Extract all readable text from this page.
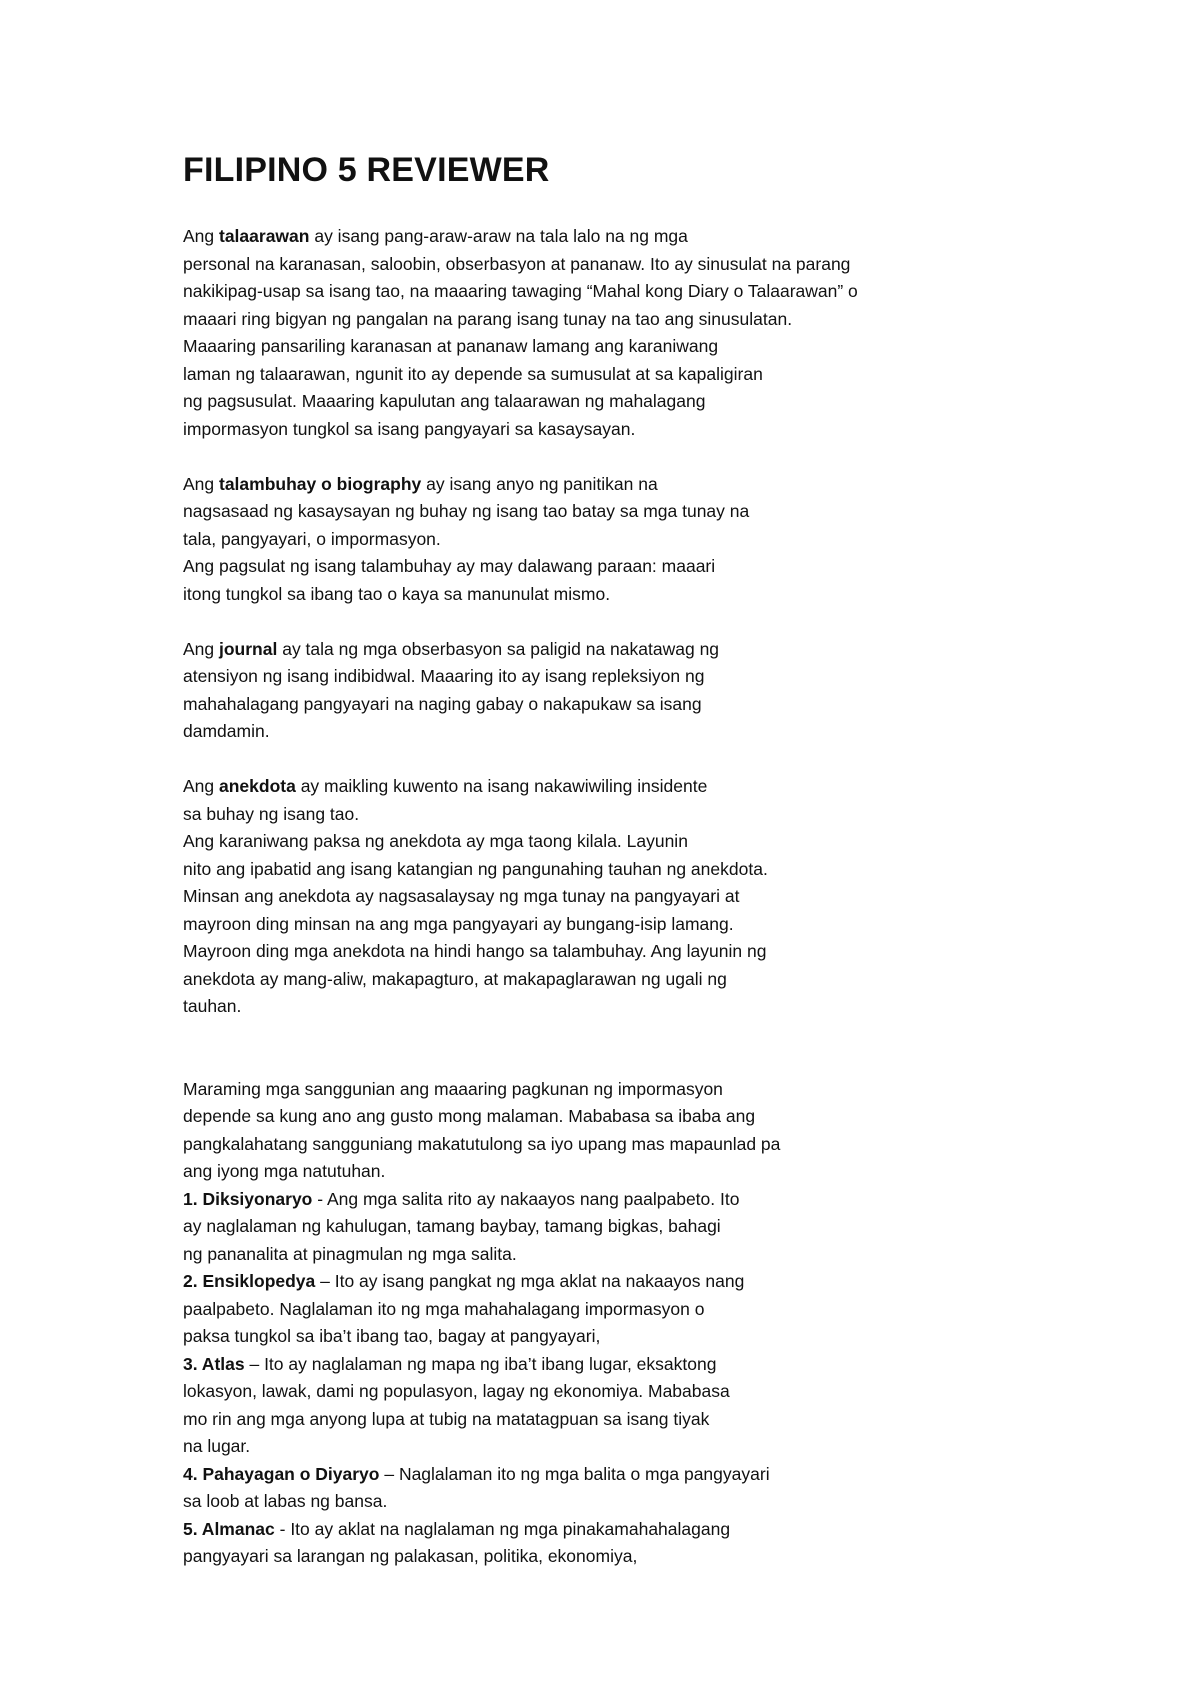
FILIPINO 5 REVIEWER
Ang talaarawan ay isang pang-araw-araw na tala lalo na ng mga
personal na karanasan, saloobin, obserbasyon at pananaw. Ito ay sinusulat na parang
nakikipag-usap sa isang tao, na maaaring tawaging “Mahal kong Diary o Talaarawan” o
maaari ring bigyan ng pangalan na parang isang tunay na tao ang sinusulatan.
Maaaring pansariling karanasan at pananaw lamang ang karaniwang
laman ng talaarawan, ngunit ito ay depende sa sumusulat at sa kapaligiran
ng pagsusulat. Maaaring kapulutan ang talaarawan ng mahalagang
impormasyon tungkol sa isang pangyayari sa kasaysayan.
Ang talambuhay o biography ay isang anyo ng panitikan na
nagsasaad ng kasaysayan ng buhay ng isang tao batay sa mga tunay na
tala, pangyayari, o impormasyon.
Ang pagsulat ng isang talambuhay ay may dalawang paraan: maaari
itong tungkol sa ibang tao o kaya sa manunulat mismo.
Ang journal ay tala ng mga obserbasyon sa paligid na nakatawag ng
atensiyon ng isang indibidwal. Maaaring ito ay isang repleksiyon ng
mahahalagang pangyayari na naging gabay o nakapukaw sa isang
damdamin.
Ang anekdota ay maikling kuwento na isang nakawiwiling insidente
sa buhay ng isang tao.
Ang karaniwang paksa ng anekdota ay mga taong kilala. Layunin
nito ang ipabatid ang isang katangian ng pangunahing tauhan ng anekdota.
Minsan ang anekdota ay nagsasalaysay ng mga tunay na pangyayari at
mayroon ding minsan na ang mga pangyayari ay bungang-isip lamang.
Mayroon ding mga anekdota na hindi hango sa talambuhay. Ang layunin ng
anekdota ay mang-aliw, makapagturo, at makapaglarawan ng ugali ng
tauhan.
Maraming mga sanggunian ang maaaring pagkunan ng impormasyon
depende sa kung ano ang gusto mong malaman. Mababasa sa ibaba ang
pangkalahatang sangguniang makatutulong sa iyo upang mas mapaunlad pa
ang iyong mga natutuhan.
1. Diksiyonaryo - Ang mga salita rito ay nakaayos nang paalpabeto. Ito
ay naglalaman ng kahulugan, tamang baybay, tamang bigkas, bahagi
ng pananalita at pinagmulan ng mga salita.
2. Ensiklopedya – Ito ay isang pangkat ng mga aklat na nakaayos nang
paalpabeto. Naglalaman ito ng mga mahahalagang impormasyon o
paksa tungkol sa iba’t ibang tao, bagay at pangyayari,
3. Atlas – Ito ay naglalaman ng mapa ng iba’t ibang lugar, eksaktong
lokasyon, lawak, dami ng populasyon, lagay ng ekonomiya. Mababasa
mo rin ang mga anyong lupa at tubig na matatagpuan sa isang tiyak
na lugar.
4. Pahayagan o Diyaryo – Naglalaman ito ng mga balita o mga pangyayari
sa loob at labas ng bansa.
5. Almanac - Ito ay aklat na naglalaman ng mga pinakamahahalagang
pangyayari sa larangan ng palakasan, politika, ekonomiya,
